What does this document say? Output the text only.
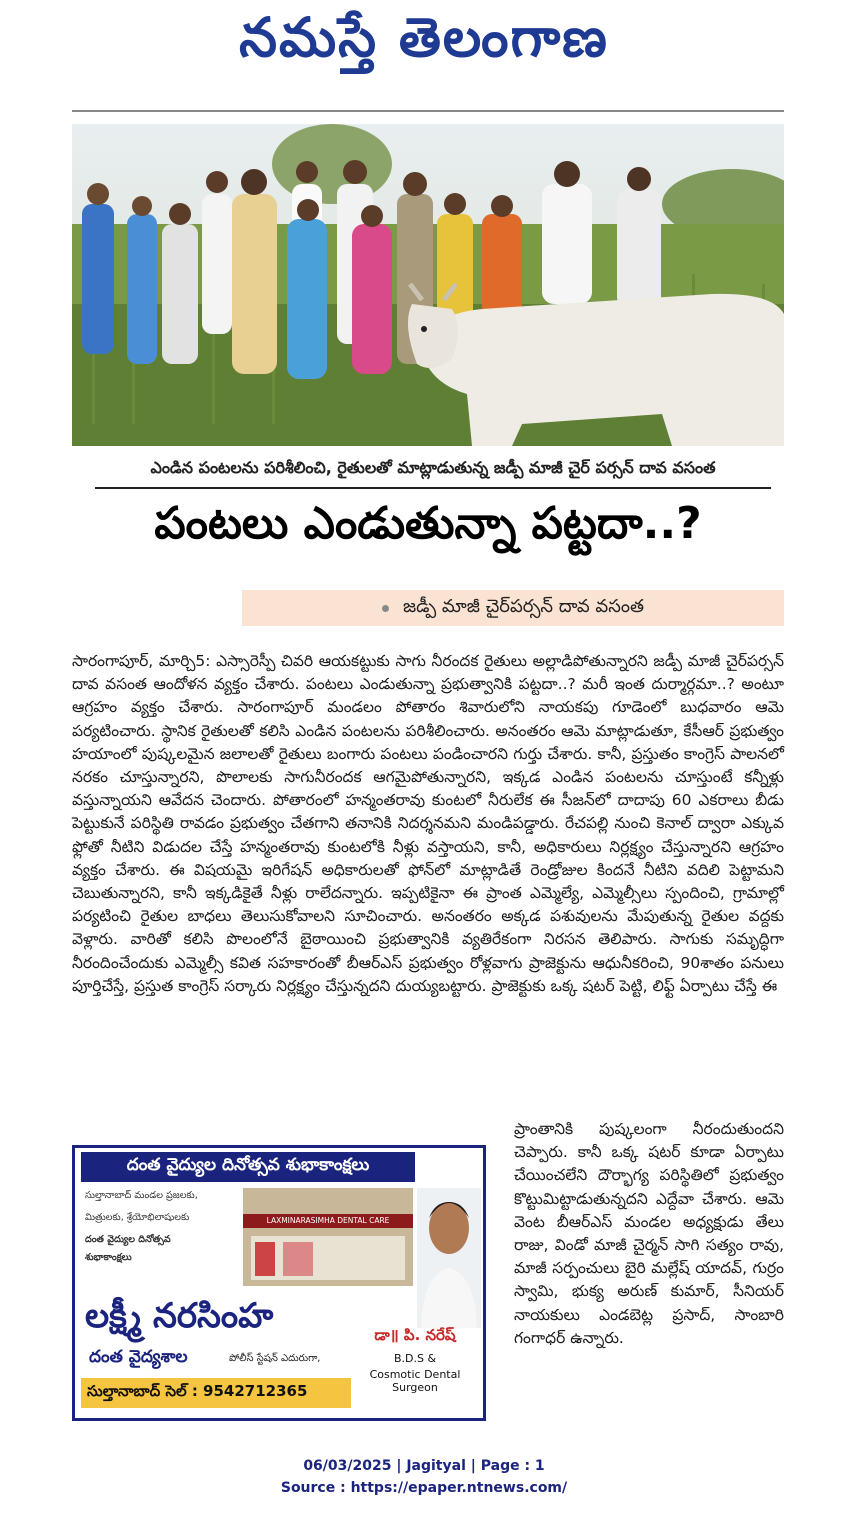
నమస్తే తెలంగాణ
ఎండిన పంటలను పరిశీలించి, రైతులతో మాట్లాడుతున్న జడ్పీ మాజీ చైర్ పర్సన్ దావ వసంత
పంటలు ఎండుతున్నా పట్టదా..?
జడ్పీ మాజీ చైర్‌పర్సన్ దావ వసంత

సారంగాపూర్, మార్చి5: ఎస్సారెస్పీ చివరి ఆయకట్టుకు సాగు నీరందక రైతులు అల్లాడిపోతున్నారని జడ్పీ మాజీ చైర్‌పర్సన్ దావ వసంత ఆందోళన వ్యక్తం చేశారు. పంటలు ఎండుతున్నా ప్రభుత్వానికి పట్టదా..? మరీ ఇంత దుర్మార్గమా..? అంటూ ఆగ్రహం వ్యక్తం చేశారు. సారంగాపూర్ మండలం పోతారం శివారులోని నాయకపు గూడెంలో బుధవారం ఆమె పర్యటించారు. స్థానిక రైతులతో కలిసి ఎండిన పంటలను పరిశీలించారు. అనంతరం ఆమె మాట్లాడుతూ, కేసీఆర్ ప్రభుత్వం హయాంలో పుష్కలమైన జలాలతో రైతులు బంగారు పంటలు పండించారని గుర్తు చేశారు. కానీ, ప్రస్తుతం కాంగ్రెస్ పాలనలో నరకం చూస్తున్నారని, పొలాలకు సాగునీరందక ఆగమైపోతున్నారని, ఇక్కడ ఎండిన పంటలను చూస్తుంటే కన్నీళ్లు వస్తున్నాయని ఆవేదన చెందారు. పోతారంలో హన్మంతరావు కుంటలో నీరులేక ఈ సీజన్‌లో దాదాపు 60 ఎకరాలు బీడు పెట్టుకునే పరిస్థితి రావడం ప్రభుత్వం చేతగాని తనానికి నిదర్శనమని మండిపడ్డారు. రేచపల్లి నుంచి కెనాల్ ద్వారా ఎక్కువ ఫ్లోతో నీటిని విడుదల చేస్తే హన్మంతరావు కుంటలోకి నీళ్లు వస్తాయని, కానీ, అధికారులు నిర్లక్ష్యం చేస్తున్నారని ఆగ్రహం వ్యక్తం చేశారు. ఈ విషయమై ఇరిగేషన్ అధికారులతో ఫోన్‌లో మాట్లాడితే రెండ్రోజుల కిందనే నీటిని వదిలి పెట్టామని చెబుతున్నారని, కానీ ఇక్కడికైతే నీళ్లు రాలేదన్నారు. ఇప్పటికైనా ఈ ప్రాంత ఎమ్మెల్యే, ఎమ్మెల్సీలు స్పందించి, గ్రామాల్లో పర్యటించి రైతుల బాధలు తెలుసుకోవాలని సూచించారు. అనంతరం అక్కడ పశువులను మేపుతున్న రైతుల వద్దకు వెళ్లారు. వారితో కలిసి పొలంలోనే బైఠాయించి ప్రభుత్వానికి వ్యతిరేకంగా నిరసన తెలిపారు. సాగుకు సమృద్ధిగా నీరందించేందుకు ఎమ్మెల్సీ కవిత సహకారంతో బీఆర్‌ఎస్ ప్రభుత్వం రోళ్లవాగు ప్రాజెక్టును ఆధునీకరించి, 90శాతం పనులు పూర్తిచేస్తే, ప్రస్తుత కాంగ్రెస్ సర్కారు నిర్లక్ష్యం చేస్తున్నదని దుయ్యబట్టారు. ప్రాజెక్టుకు ఒక్క షటర్ పెట్టి, లిఫ్ట్ ఏర్పాటు చేస్తే ఈ

దంత వైద్యుల దినోత్సవ శుభాకాంక్షలు
సుల్తానాబాద్ మండల ప్రజలకు,
మిత్రులకు, శ్రేయోభిలాషులకు
దంత వైద్యుల దినోత్సవ
శుభాకాంక్షలు
LAXMINARASIMHA DENTAL CARE
లక్ష్మీ నరసింహ
దంత వైద్యశాల	పోలీస్ స్టేషన్ ఎదురుగా,
సుల్తానాబాద్ సెల్ : 9542712365
డా॥ పి. నరేష్
B.D.S &
Cosmotic Dental Surgeon
ప్రాంతానికి పుష్కలంగా నీరందుతుందని చెప్పారు. కానీ ఒక్క షటర్ కూడా ఏర్పాటు చేయించలేని దౌర్భాగ్య పరిస్థితిలో ప్రభుత్వం కొట్టుమిట్టాడుతున్నదని ఎద్దేవా చేశారు. ఆమె వెంట బీఆర్‌ఎస్ మండల అధ్యక్షుడు తేలు రాజు, విండో మాజీ చైర్మన్ సాగి సత్యం రావు, మాజీ సర్పంచులు బైరి మల్లేష్ యాదవ్, గుర్రం స్వామి, భుక్య అరుణ్ కుమార్, సీనియర్ నాయకులు ఎండబెట్ల ప్రసాద్, సాంబారి గంగాధర్ ఉన్నారు.
06/03/2025 | Jagityal | Page : 1
Source : https://epaper.ntnews.com/
